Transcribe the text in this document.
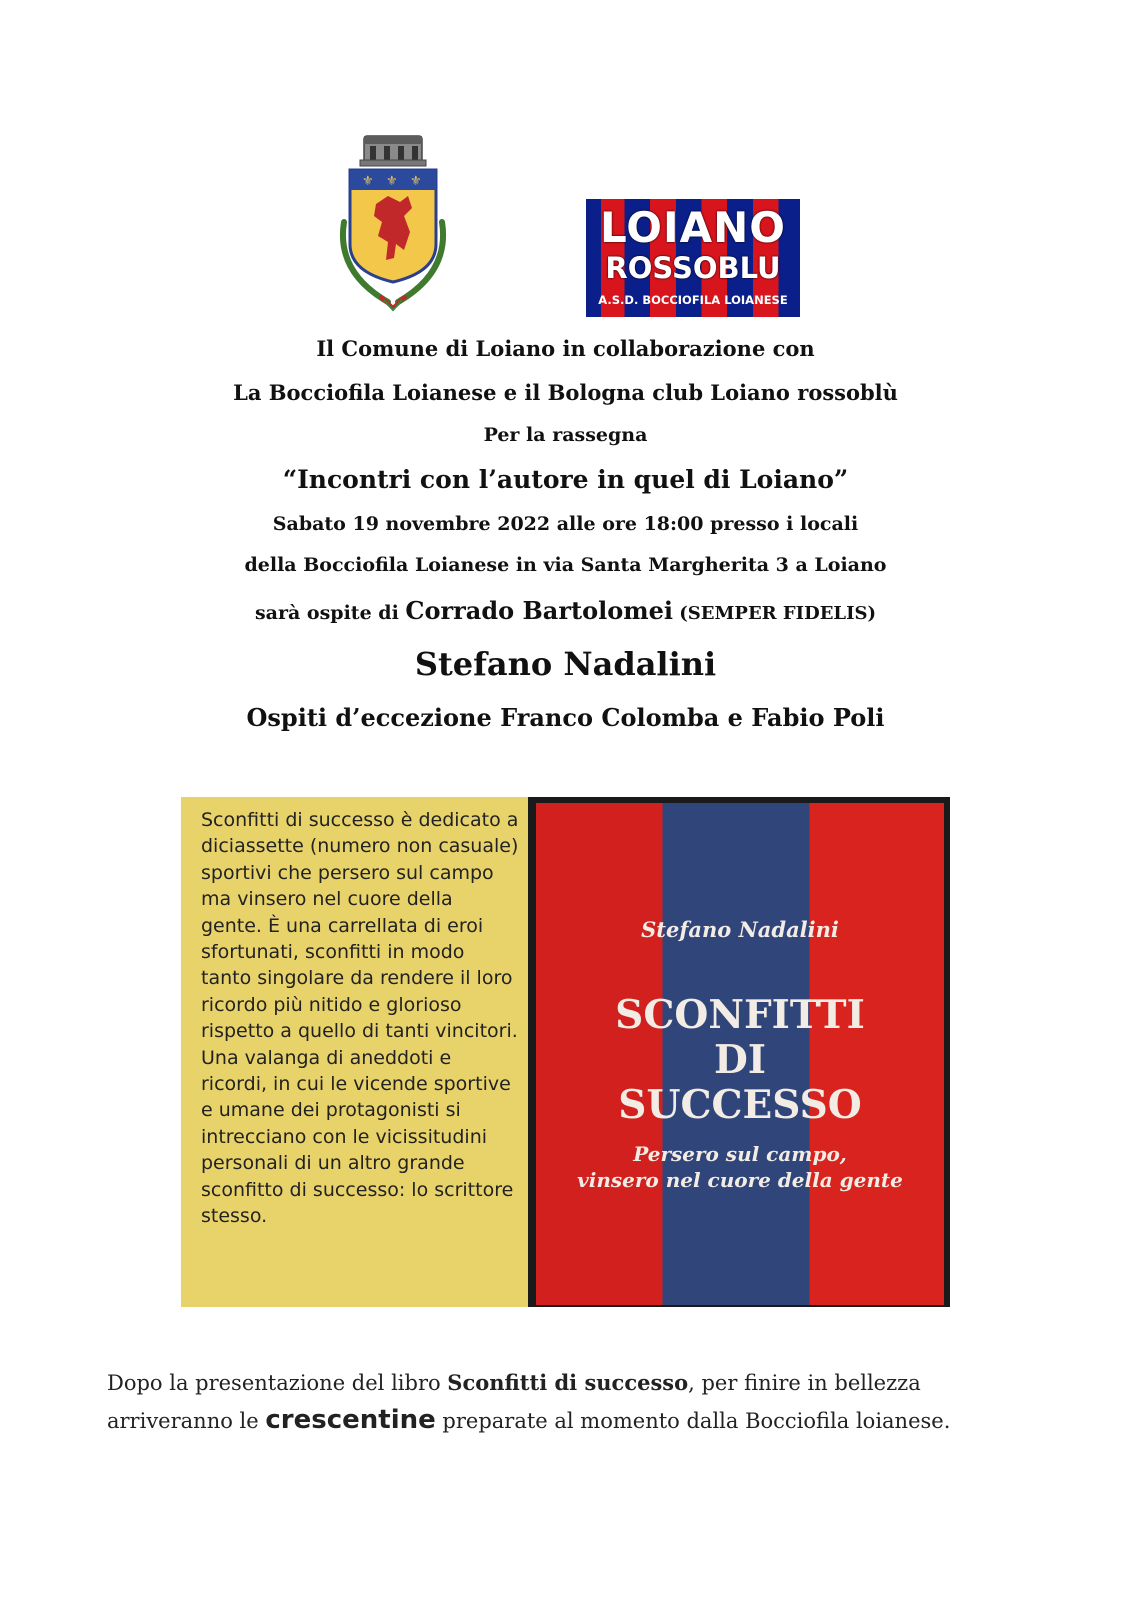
⚜ ⚜ ⚜
LOIANO
ROSSOBLU
A.S.D. BOCCIOFILA LOIANESE
Il Comune di Loiano in collaborazione con
La Bocciofila Loianese e il Bologna club Loiano rossoblù
Per la rassegna
“Incontri con l’autore in quel di Loiano”
Sabato 19 novembre 2022 alle ore 18:00 presso i locali
della Bocciofila Loianese in via Santa Margherita 3 a Loiano
sarà ospite di Corrado Bartolomei (SEMPER FIDELIS)
Stefano Nadalini
Ospiti d’eccezione Franco Colomba e Fabio Poli
Sconfitti di successo è dedicato a diciassette (numero non casuale) sportivi che persero sul campo ma vinsero nel cuore della gente. È una carrellata di eroi sfortunati, sconfitti in modo tanto singolare da rendere il loro ricordo più nitido e glorioso rispetto a quello di tanti vincitori. Una valanga di aneddoti e ricordi, in cui le vicende sportive e umane dei protagonisti si intrecciano con le vicissitudini personali di un altro grande sconfitto di successo: lo scrittore stesso.
Stefano Nadalini
SCONFITTI
DI
SUCCESSO
Persero sul campo,
vinsero nel cuore della gente
Dopo la presentazione del libro Sconfitti di successo, per finire in bellezza arriveranno le crescentine preparate al momento dalla Bocciofila loianese.
